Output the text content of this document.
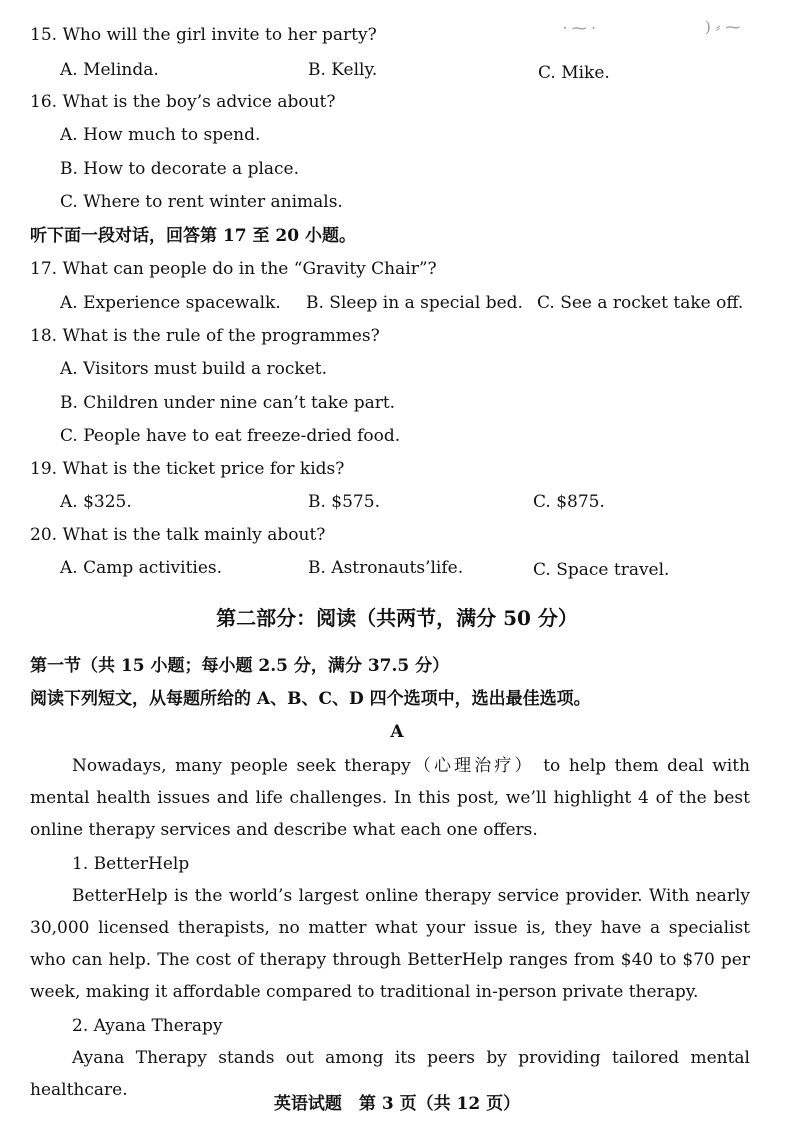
⸱ ⁓ ⸱	) ⸗ ⁓
15. Who will the girl invite to her party?
A. Melinda.	B. Kelly.	C. Mike.
16. What is the boy’s advice about?
A. How much to spend.
B. How to decorate a place.
C. Where to rent winter animals.
听下面一段对话，回答第 17 至 20 小题。
17. What can people do in the “Gravity Chair”?
A. Experience spacewalk. B. Sleep in a special bed. C. See a rocket take off.
18. What is the rule of the programmes?
A. Visitors must build a rocket.
B. Children under nine can’t take part.
C. People have to eat freeze-dried food.
19. What is the ticket price for kids?
A. $325.	B. $575.	C. $875.
20. What is the talk mainly about?
A. Camp activities.	B. Astronauts’life.	C. Space travel.
第二部分：阅读（共两节，满分 50 分）
第一节（共 15 小题；每小题 2.5 分，满分 37.5 分）
阅读下列短文，从每题所给的 A、B、C、D 四个选项中，选出最佳选项。
A
Nowadays, many people seek therapy（心理治疗） to help them deal with mental health issues and life challenges. In this post, we’ll highlight 4 of the best online therapy services and describe what each one offers.
1. BetterHelp
BetterHelp is the world’s largest online therapy service provider. With nearly 30,000 licensed therapists, no matter what your issue is, they have a specialist who can help. The cost of therapy through BetterHelp ranges from $40 to $70 per week, making it affordable compared to traditional in-person private therapy.
2. Ayana Therapy
Ayana Therapy stands out among its peers by providing tailored mental healthcare.
英语试题　第 3 页（共 12 页）
